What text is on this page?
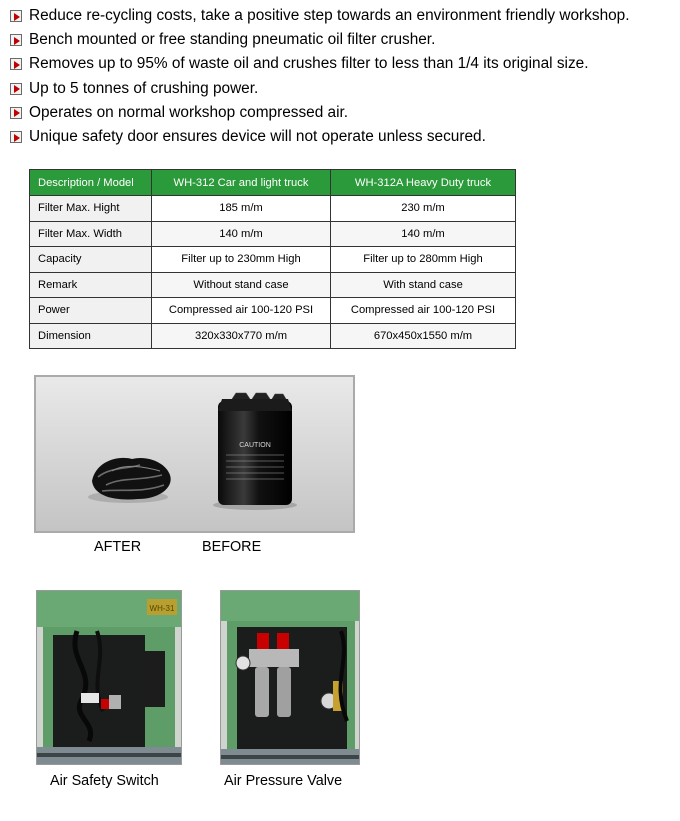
Reduce re-cycling costs, take a positive step towards an environment friendly workshop.
Bench mounted or free standing pneumatic oil filter crusher.
Removes up to 95% of waste oil and crushes filter to less than 1/4 its original size.
Up to 5 tonnes of crushing power.
Operates on normal workshop compressed air.
Unique safety door ensures device will not operate unless secured.
Description / Model	WH-312 Car and light truck	WH-312A Heavy Duty truck
Filter Max. Hight	185 m/m	230 m/m
Filter Max. Width	140 m/m	140 m/m
Capacity	Filter up to 230mm High	Filter up to 280mm High
Remark	Without stand case	With stand case
Power	Compressed air 100-120 PSI	Compressed air 100-120 PSI
Dimension	320x330x770 m/m	670x450x1550 m/m
CAUTION
AFTER	BEFORE
WH-31
Air Safety Switch	Air Pressure Valve
